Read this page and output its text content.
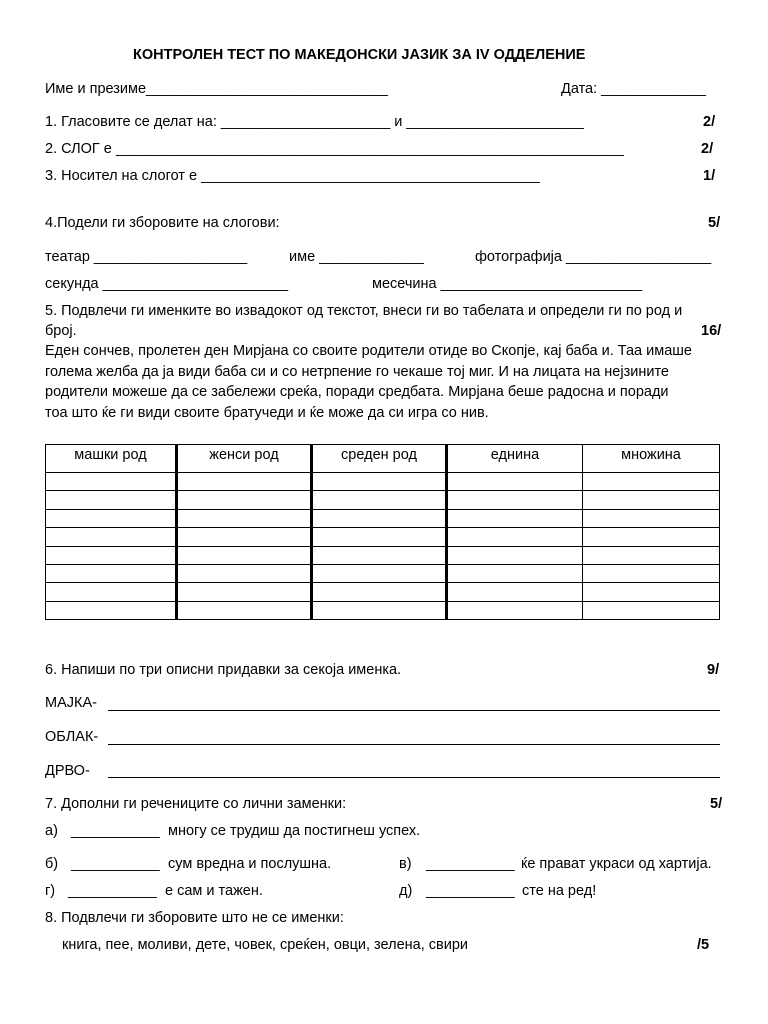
КОНТРОЛЕН ТЕСТ ПО МАКЕДОНСКИ ЈАЗИК ЗА IV ОДДЕЛЕНИЕ
Име и презиме______________________________	Дата: _____________
1. Гласовите се делат на: _____________________ и ______________________	2/
2. СЛОГ е _______________________________________________________________	2/
3. Носител на слогот е __________________________________________	1/
4.Подели ги зборовите на слогови:	5/
театар ___________________	име _____________	фотографија __________________
секунда _______________________	месечина _________________________
5. Подвлечи ги именките во извадокот од текстот, внеси ги во табелата и определи ги по род и
број.	16/
Еден сончев, пролетен ден Мирјана со своите родители отиде во Скопје, кај баба и. Таа имаше
голема желба да ја види баба си и со нетрпение го чекаше тој миг. И на лицата на нејзините
родители можеше да се забележи среќа, поради средбата. Мирјана беше радосна и поради
тоа што ќе ги види своите братучеди и ќе може да си игра со нив.
машки род	женси род	среден род	еднина	множина

6. Напиши по три описни придавки за секоја именка.	9/
МАЈКА-
ОБЛАК-
ДРВО-
7. Дополни ги речениците со лични заменки:	5/
а) ___________ многу се трудиш да постигнеш успех.
б) ___________ сум вредна и послушна.	в) ___________ ќе прават украси од хартија.
г) ___________ е сам и тажен.	д) ___________ сте на ред!
8. Подвлечи ги зборовите што не се именки:
книга, пее, моливи, дете, човек, среќен, овци, зелена, свири	/5
